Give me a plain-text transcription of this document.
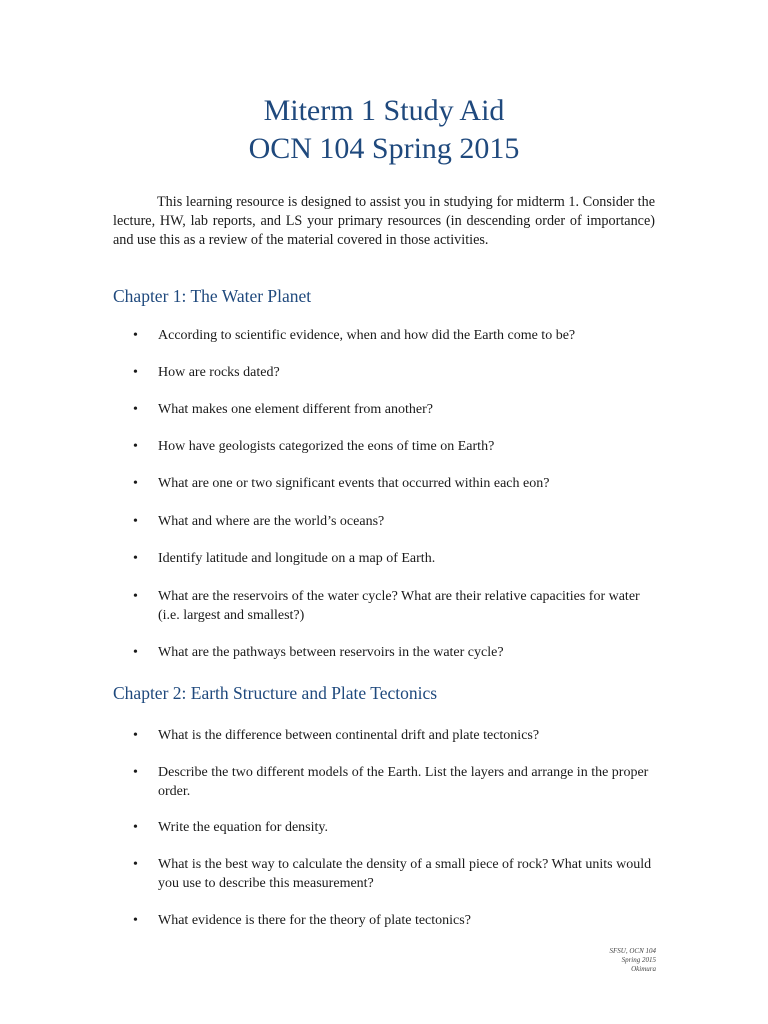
Miterm 1 Study Aid
OCN 104 Spring 2015

This learning resource is designed to assist you in studying for midterm 1. Consider the lecture, HW, lab reports, and LS your primary resources (in descending order of importance) and use this as a review of the material covered in those activities.

Chapter 1: The Water Planet
•	According to scientific evidence, when and how did the Earth come to be?
•	How are rocks dated?
•	What makes one element different from another?
•	How have geologists categorized the eons of time on Earth?
•	What are one or two significant events that occurred within each eon?
•	What and where are the world’s oceans?
•	Identify latitude and longitude on a map of Earth.
•	What are the reservoirs of the water cycle? What are their relative capacities for water (i.e. largest and smallest?)
•	What are the pathways between reservoirs in the water cycle?
Chapter 2: Earth Structure and Plate Tectonics
•	What is the difference between continental drift and plate tectonics?
•	Describe the two different models of the Earth. List the layers and arrange in the proper order.
•	Write the equation for density.
•	What is the best way to calculate the density of a small piece of rock? What units would you use to describe this measurement?
•	What evidence is there for the theory of plate tectonics?
SFSU, OCN 104
Spring 2015
Okimura
